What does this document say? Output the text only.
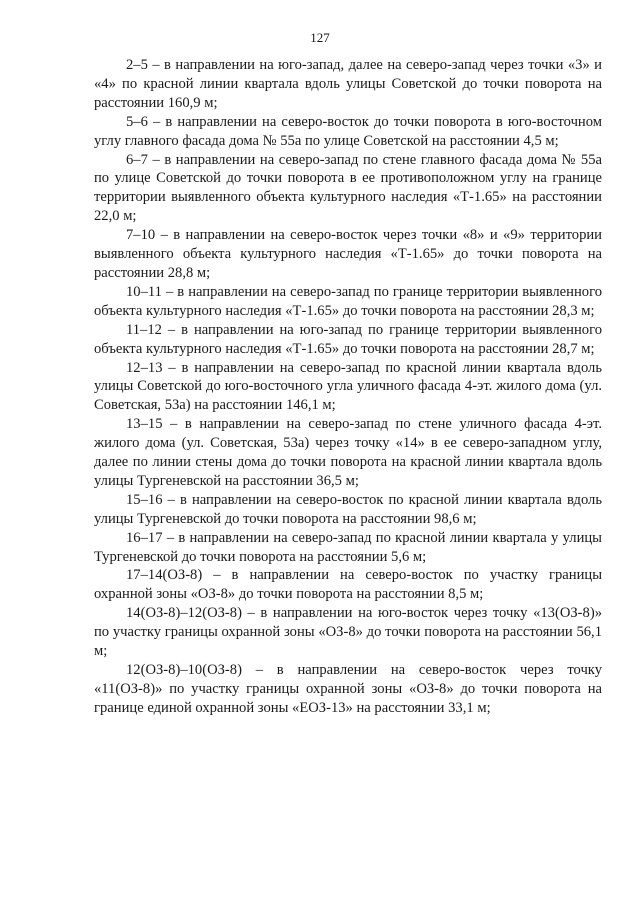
127

2–5 – в направлении на юго-запад, далее на северо-запад через точки «3» и «4» по красной линии квартала вдоль улицы Советской до точки поворота на расстоянии 160,9 м;

5–6 – в направлении на северо-восток до точки поворота в юго-восточном углу главного фасада дома № 55а по улице Советской на расстоянии 4,5 м;

6–7 – в направлении на северо-запад по стене главного фасада дома № 55а по улице Советской до точки поворота в ее противоположном углу на границе территории выявленного объекта культурного наследия «Т-1.65» на расстоянии 22,0 м;

7–10 – в направлении на северо-восток через точки «8» и «9» территории выявленного объекта культурного наследия «Т-1.65» до точки поворота на расстоянии 28,8 м;

10–11 – в направлении на северо-запад по границе территории выявленного объекта культурного наследия «Т-1.65» до точки поворота на расстоянии 28,3 м;

11–12 – в направлении на юго-запад по границе территории выявленного объекта культурного наследия «Т-1.65» до точки поворота на расстоянии 28,7 м;

12–13 – в направлении на северо-запад по красной линии квартала вдоль улицы Советской до юго-восточного угла уличного фасада 4-эт. жилого дома (ул. Советская, 53а) на расстоянии 146,1 м;

13–15 – в направлении на северо-запад по стене уличного фасада 4-эт. жилого дома (ул. Советская, 53а) через точку «14» в ее северо-западном углу, далее по линии стены дома до точки поворота на красной линии квартала вдоль улицы Тургеневской на расстоянии 36,5 м;

15–16 – в направлении на северо-восток по красной линии квартала вдоль улицы Тургеневской до точки поворота на расстоянии 98,6 м;

16–17 – в направлении на северо-запад по красной линии квартала у улицы Тургеневской до точки поворота на расстоянии 5,6 м;

17–14(ОЗ-8) – в направлении на северо-восток по участку границы охранной зоны «ОЗ-8» до точки поворота на расстоянии 8,5 м;

14(ОЗ-8)–12(ОЗ-8) – в направлении на юго-восток через точку «13(ОЗ-8)» по участку границы охранной зоны «ОЗ-8» до точки поворота на расстоянии 56,1 м;

12(ОЗ-8)–10(ОЗ-8) – в направлении на северо-восток через точку «11(ОЗ-8)» по участку границы охранной зоны «ОЗ-8» до точки поворота на границе единой охранной зоны «ЕОЗ-13» на расстоянии 33,1 м;
